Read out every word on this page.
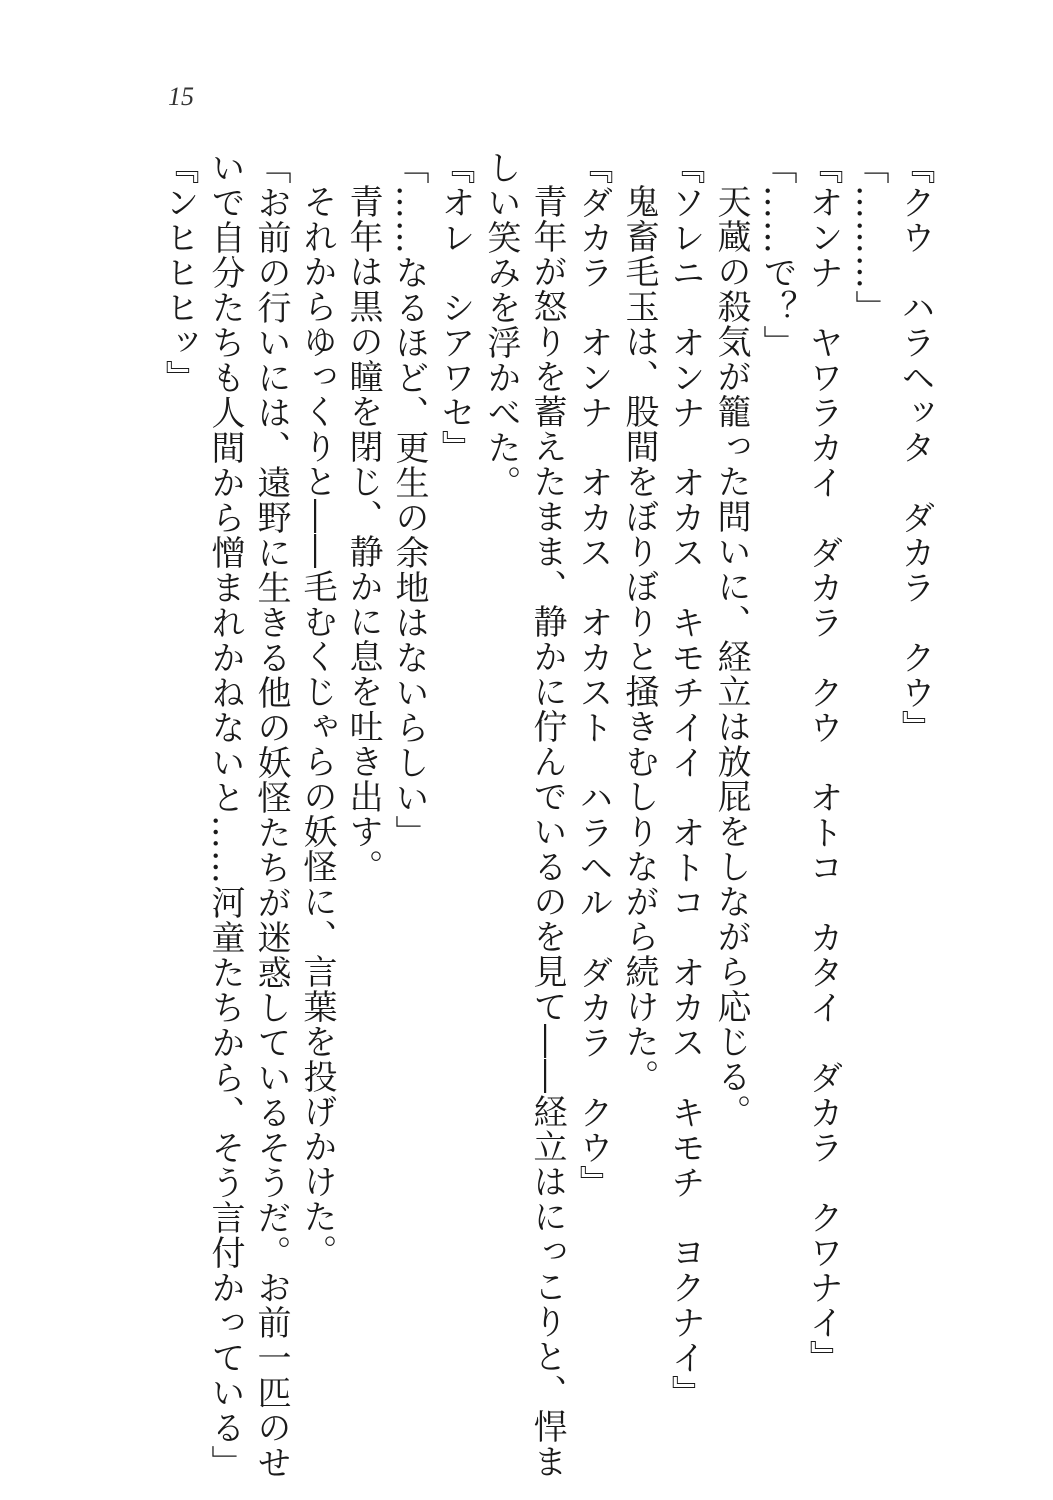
15
『クウ　ハラヘッタ　ダカラ　クウ』
「………」
『オンナ　ヤワラカイ　ダカラ　クウ　オトコ　カタイ　ダカラ　クワナイ』
「……で？」
天蔵の殺気が籠った問いに、経立は放屁をしながら応じる。
『ソレニ　オンナ　オカス　キモチイイ　オトコ　オカス　キモチ　ヨクナイ』
鬼畜毛玉は、股間をぼりぼりと掻きむしりながら続けた。
『ダカラ　オンナ　オカス　オカスト　ハラヘル　ダカラ　クウ』
青年が怒りを蓄えたまま、静かに佇んでいるのを見て――経立はにっこりと、悍ま
しい笑みを浮かべた。
『オレ　シアワセ』
「……なるほど、更生の余地はないらしい」
青年は黒の瞳を閉じ、静かに息を吐き出す。
それからゆっくりと――毛むくじゃらの妖怪に、言葉を投げかけた。
「お前の行いには、遠野に生きる他の妖怪たちが迷惑しているそうだ。お前一匹のせ
いで自分たちも人間から憎まれかねないと……河童たちから、そう言付かっている」
『ンヒヒヒッ』
